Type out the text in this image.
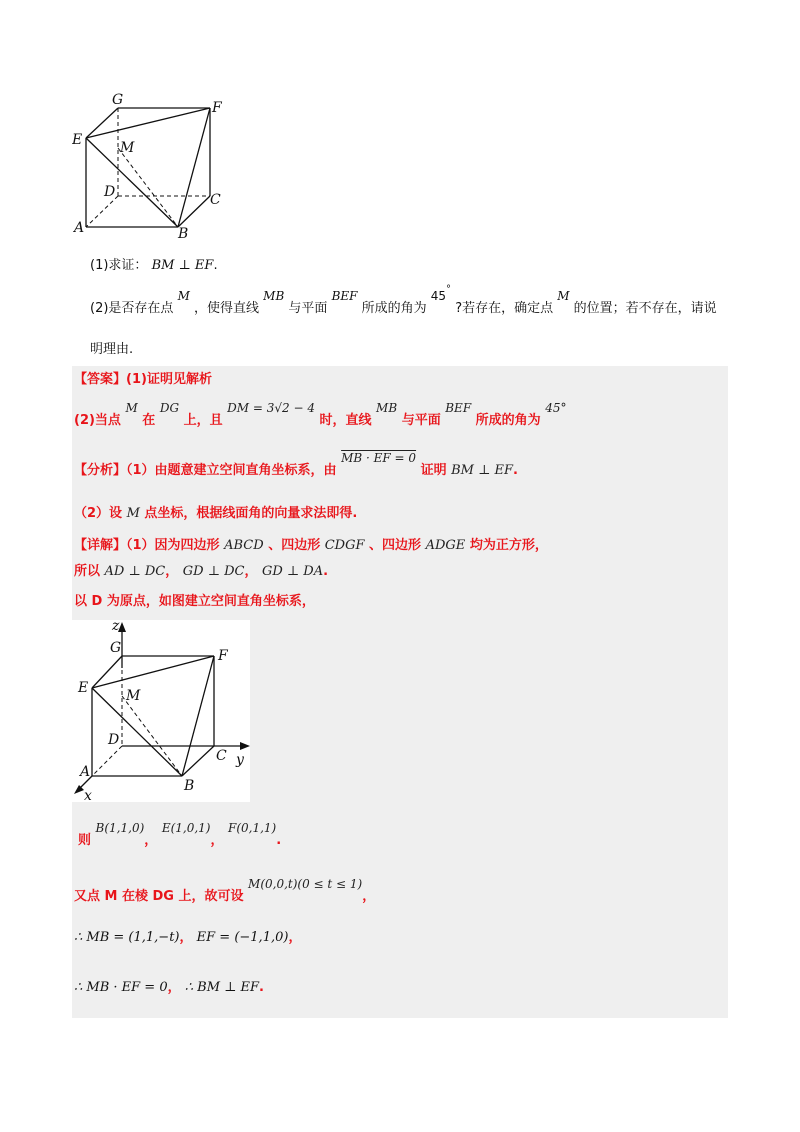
G	F
E	M
D	C
A	B
(1)求证： BM ⊥ EF.
(2)是否存在点 M ，使得直线 MB 与平面 BEF 所成的角为 45° ?若存在，确定点 M 的位置；若不存在，请说
明理由.
【答案】(1)证明见解析
(2)当点 M 在 DG 上，且 DM = 3√2 − 4 时，直线 MB 与平面 BEF 所成的角为 45°
【分析】（1）由题意建立空间直角坐标系，由 MB · EF = 0 证明 BM ⊥ EF.
（2）设 M 点坐标，根据线面角的向量求法即得.
【详解】（1）因为四边形 ABCD 、四边形 CDGF 、四边形 ADGE 均为正方形，
所以 AD ⊥ DC， GD ⊥ DC， GD ⊥ DA.
以 D 为原点，如图建立空间直角坐标系，
z
G	F
E	M
D
C y
A
B
x
则 B(1,1,0)， E(1,0,1)， F(0,1,1).
又点 M 在棱 DG 上，故可设 M(0,0,t)(0 ≤ t ≤ 1)，
∴ MB = (1,1,−t)， EF = (−1,1,0)，
∴ MB · EF = 0， ∴ BM ⊥ EF.
